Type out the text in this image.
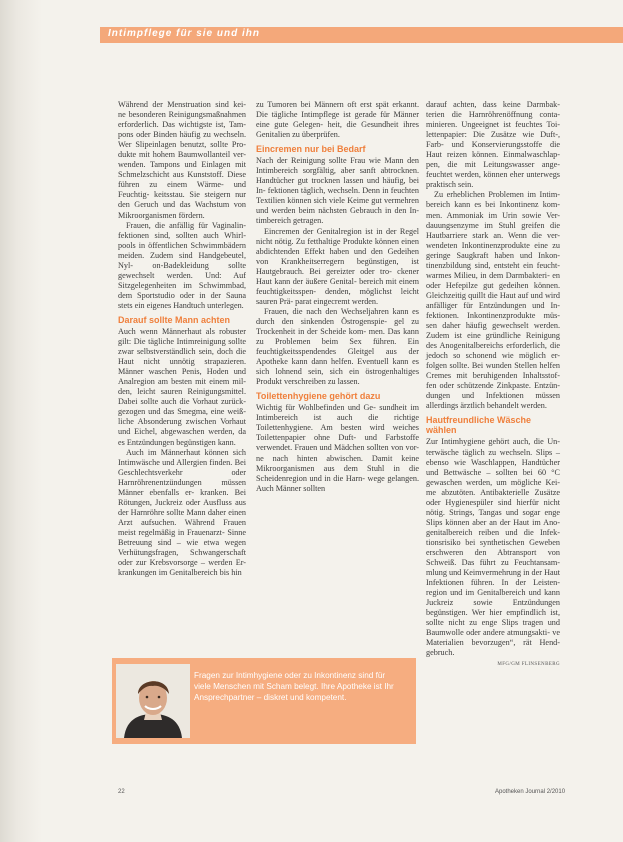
Intimpflege für sie und ihn

Während der Menstruation sind kei- ne besonderen Reinigungsmaßnahmen erforderlich. Das wichtigste ist, Tam- pons oder Binden häufig zu wechseln. Wer Slipeinlagen benutzt, sollte Pro- dukte mit hohem Baumwollanteil ver- wenden. Tampons und Einlagen mit Schmelzschicht aus Kunststoff. Diese führen zu einem Wärme- und Feuchtig- keitsstau. Sie steigern nur den Geruch und das Wachstum von Mikroorganismen fördern.

Frauen, die anfällig für Vaginalin- fektionen sind, sollten auch Whirl- pools in öffentlichen Schwimmbädern meiden. Zudem sind Handgebeutel, Nyl- on-Badekleidung sollte gewechselt werden. Und: Auf Sitzgelegenheiten im Schwimmbad, dem Sportstudio oder in der Sauna stets ein eigenes Handtuch unterlegen.

Darauf sollte Mann achten

Auch wenn Männerhaut als robuster gilt: Die tägliche Intimreinigung sollte zwar selbstverständlich sein, doch die Haut nicht unnötig strapazieren. Männer waschen Penis, Hoden und Analregion am besten mit einem mil- den, leicht sauren Reinigungsmittel. Dabei sollte auch die Vorhaut zurück- gezogen und das Smegma, eine weiß- liche Absonderung zwischen Vorhaut und Eichel, abgewaschen werden, da es Entzündungen begünstigen kann.

Auch im Männerhaut können sich Intimwäsche und Allergien finden. Bei Geschlechtsverkehr oder Harnröhrenentzündungen müssen Männer ebenfalls er- kranken. Bei Rötungen, Juckreiz oder Ausfluss aus der Harnröhre sollte Mann daher einen Arzt aufsuchen. Während Frauen meist regelmäßig in Frauenarzt- Sinne Betreuung sind – wie etwa wegen Verhütungsfragen, Schwangerschaft oder zur Krebsvorsorge – werden Er- krankungen im Genitalbereich bis hin

zu Tumoren bei Männern oft erst spät erkannt. Die tägliche Intimpflege ist gerade für Männer eine gute Gelegen- heit, die Gesundheit ihres Genitalien zu überprüfen.

Eincremen nur bei Bedarf

Nach der Reinigung sollte Frau wie Mann den Intimbereich sorgfältig, aber sanft abtrocknen. Handtücher gut trocknen lassen und häufig, bei In- fektionen täglich, wechseln. Denn in feuchten Textilien können sich viele Keime gut vermehren und werden beim nächsten Gebrauch in den In- timbereich getragen.

Eincremen der Genitalregion ist in der Regel nicht nötig. Zu fetthaltige Produkte können einen abdichtenden Effekt haben und den Gedeihen von Krankheitserregern begünstigen, ist Hautgebrauch. Bei gereizter oder tro- ckener Haut kann der äußere Genital- bereich mit einem feuchtigkeitsspen- denden, möglichst leicht sauren Prä- parat eingecremt werden.

Frauen, die nach den Wechseljahren kann es durch den sinkenden Östrogenspie- gel zu Trockenheit in der Scheide kom- men. Das kann zu Problemen beim Sex führen. Ein feuchtigkeitsspendendes Gleitgel aus der Apotheke kann dann helfen. Eventuell kann es sich lohnend sein, sich ein östrogenhaltiges Produkt verschreiben zu lassen.

Toilettenhygiene gehört dazu

Wichtig für Wohlbefinden und Ge- sundheit im Intimbereich ist auch die richtige Toilettenhygiene. Am besten wird weiches Toilettenpapier ohne Duft- und Farbstoffe verwendet. Frauen und Mädchen sollten von vor- ne nach hinten abwischen. Damit keine Mikroorganismen aus dem Stuhl in die Scheidenregion und in die Harn- wege gelangen. Auch Männer sollten

darauf achten, dass keine Darmbak- terien die Harnröhrenöffnung conta- minieren. Ungeeignet ist feuchtes Toi- lettenpapier: Die Zusätze wie Duft-, Farb- und Konservierungsstoffe die Haut reizen können. Einmalwaschlap- pen, die mit Leitungswasser ange- feuchtet werden, können eher unterwegs praktisch sein.

Zu erheblichen Problemen im Intim- bereich kann es bei Inkontinenz kom- men. Ammoniak im Urin sowie Ver- dauungsenzyme im Stuhl greifen die Hautbarriere stark an. Wenn die ver- wendeten Inkontinenzprodukte eine zu geringe Saugkraft haben und Inkon- tinenzbildung sind, entsteht ein feucht- warmes Milieu, in dem Darmbakteri- en oder Hefepilze gut gedeihen können. Gleichzeitig quillt die Haut auf und wird anfälliger für Entzündungen und In- fektionen. Inkontinenzprodukte müs- sen daher häufig gewechselt werden. Zudem ist eine gründliche Reinigung des Anogenitalbereichs erforderlich, die jedoch so schonend wie möglich er- folgen sollte. Bei wunden Stellen helfen Cremes mit beruhigenden Inhaltsstof- fen oder schützende Zinkpaste. Entzün- dungen und Infektionen müssen allerdings ärztlich behandelt werden.

Hautfreundliche Wäsche wählen

Zur Intimhygiene gehört auch, die Un- terwäsche täglich zu wechseln. Slips – ebenso wie Waschlappen, Handtücher und Bettwäsche – sollten bei 60 °C gewaschen werden, um mögliche Kei- me abzutöten. Antibakterielle Zusätze oder Hygienespüler sind hierfür nicht nötig. Strings, Tangas und sogar enge Slips können aber an der Haut im Ano- genitalbereich reiben und die Infek- tionsrisiko bei synthetischen Geweben erschweren den Abtransport von Schweiß. Das führt zu Feuchtansam- mlung und Keimvermehrung in der Haut Infektionen führen. In der Leisten- region und im Genitalbereich und kann Juckreiz sowie Entzündungen begünstigen. Wer hier empfindlich ist, sollte nicht zu enge Slips tragen und Baumwolle oder andere atmungsakti- ve Materialien bevorzugen“, rät Hend- gebruch.

MFG/GM FLINSENBERG
Fragen zur Intimhygiene oder zu Inkontinenz sind für viele Menschen mit Scham belegt. Ihre Apotheke ist Ihr Ansprechpartner – diskret und kompetent.
22	Apotheken Journal 2/2010
